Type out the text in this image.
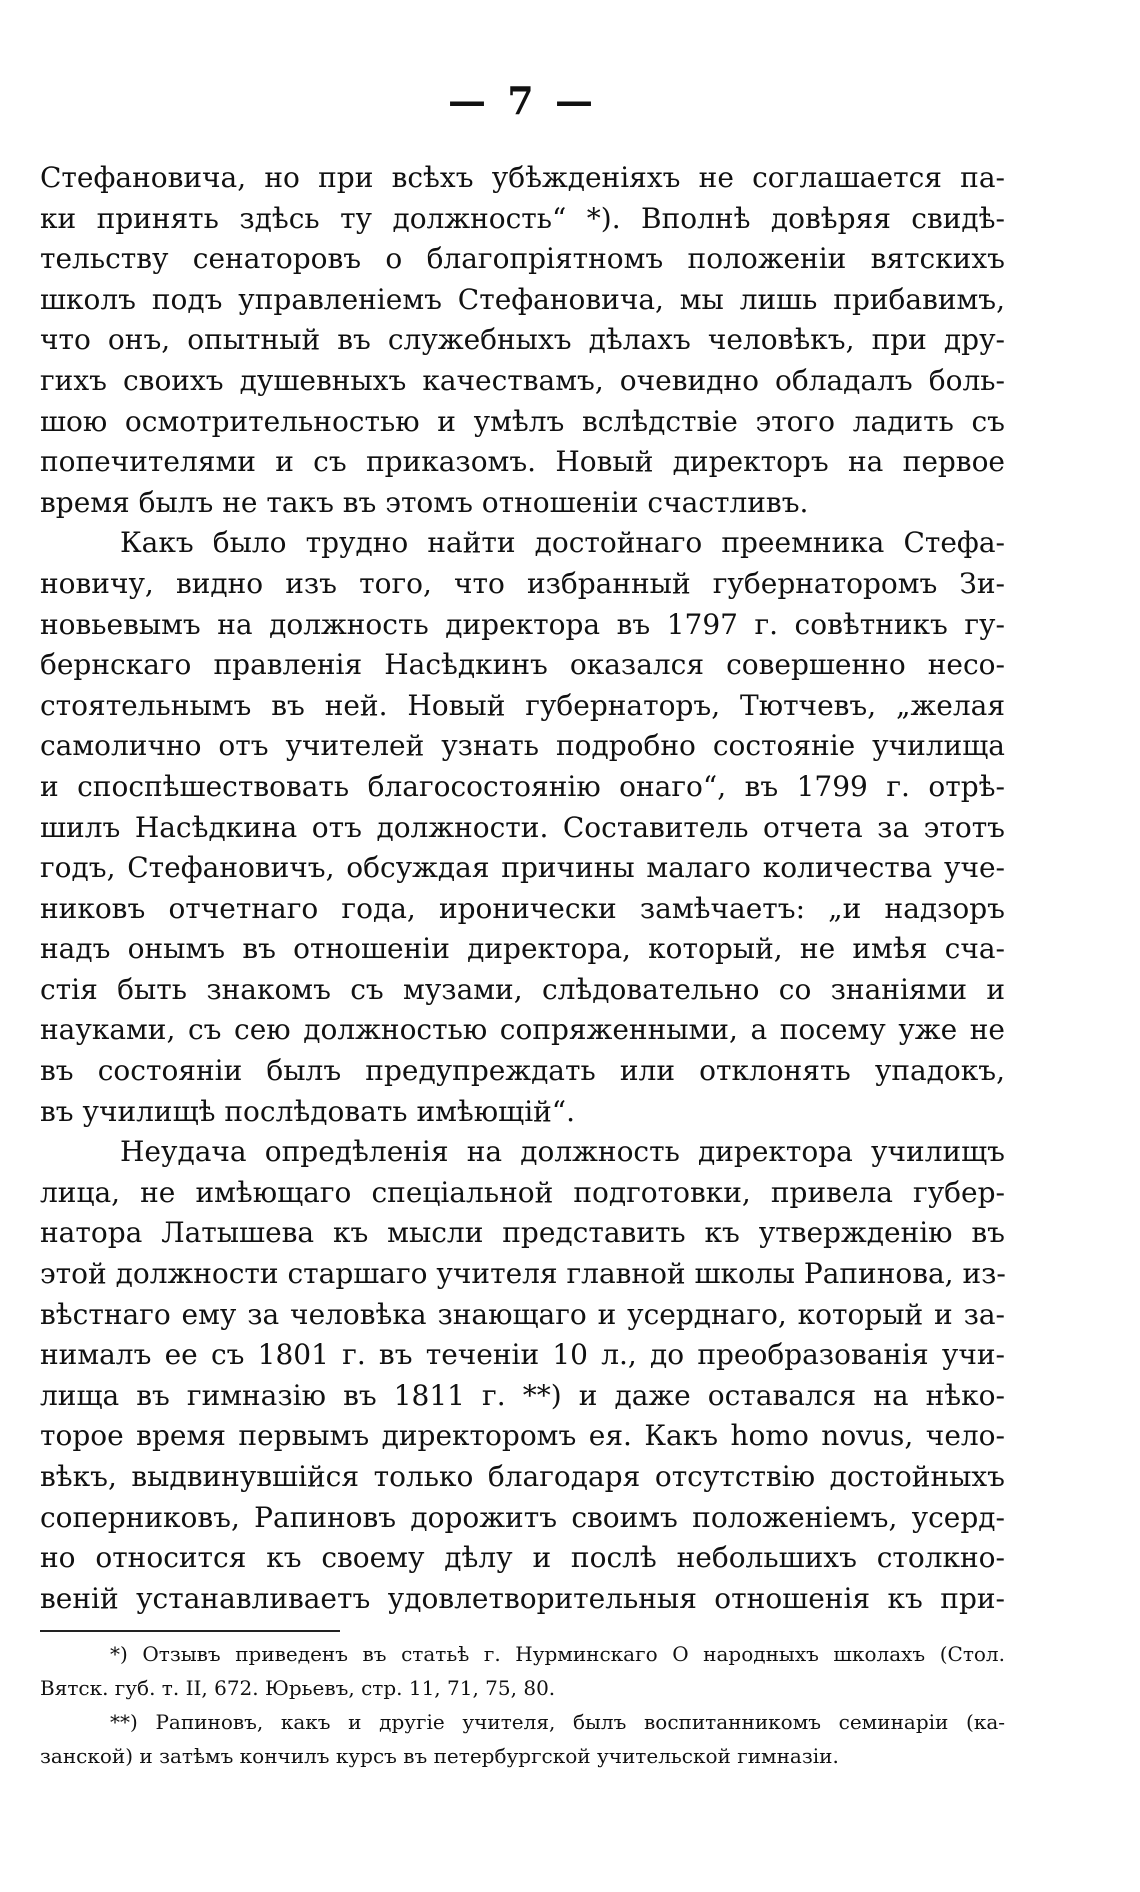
— 7 —
Стефановича, но при всѣхъ убѣжденіяхъ не соглашается па-
ки принять здѣсь ту должность“ *). Вполнѣ довѣряя свидѣ-
тельству сенаторовъ о благопріятномъ положеніи вятскихъ
школъ подъ управленіемъ Стефановича, мы лишь прибавимъ,
что онъ, опытный въ служебныхъ дѣлахъ человѣкъ, при дру-
гихъ своихъ душевныхъ качествамъ, очевидно обладалъ боль-
шою осмотрительностью и умѣлъ вслѣдствіе этого ладить съ
попечителями и съ приказомъ. Новый директоръ на первое
время былъ не такъ въ этомъ отношеніи счастливъ.
Какъ было трудно найти достойнаго преемника Стефа-
новичу, видно изъ того, что избранный губернаторомъ Зи-
новьевымъ на должность директора въ 1797 г. совѣтникъ гу-
бернскаго правленія Насѣдкинъ оказался совершенно несо-
стоятельнымъ въ ней. Новый губернаторъ, Тютчевъ, „желая
самолично отъ учителей узнать подробно состояніе училища
и споспѣшествовать благосостоянію онаго“, въ 1799 г. отрѣ-
шилъ Насѣдкина отъ должности. Составитель отчета за этотъ
годъ, Стефановичъ, обсуждая причины малаго количества уче-
никовъ отчетнаго года, иронически замѣчаетъ: „и надзоръ
надъ онымъ въ отношеніи директора, который, не имѣя сча-
стія быть знакомъ съ музами, слѣдовательно со знаніями и
науками, съ сею должностью сопряженными, а посему уже не
въ состояніи былъ предупреждать или отклонять упадокъ,
въ училищѣ послѣдовать имѣющій“.
Неудача опредѣленія на должность директора училищъ
лица, не имѣющаго спеціальной подготовки, привела губер-
натора Латышева къ мысли представить къ утвержденію въ
этой должности старшаго учителя главной школы Рапинова, из-
вѣстнаго ему за человѣка знающаго и усерднаго, который и за-
нималъ ее съ 1801 г. въ теченіи 10 л., до преобразованія учи-
лища въ гимназію въ 1811 г. **) и даже оставался на нѣко-
торое время первымъ директоромъ ея. Какъ homo novus, чело-
вѣкъ, выдвинувшійся только благодаря отсутствію достойныхъ
соперниковъ, Рапиновъ дорожитъ своимъ положеніемъ, усерд-
но относится къ своему дѣлу и послѣ небольшихъ столкно-
веній устанавливаетъ удовлетворительныя отношенія къ при-
*) Отзывъ приведенъ въ статьѣ г. Нурминскаго О народныхъ школахъ (Стол.
Вятск. губ. т. II, 672. Юрьевъ, стр. 11, 71, 75, 80.
**) Рапиновъ, какъ и другіе учителя, былъ воспитанникомъ семинаріи (ка-
занской) и затѣмъ кончилъ курсъ въ петербургской учительской гимназіи.
